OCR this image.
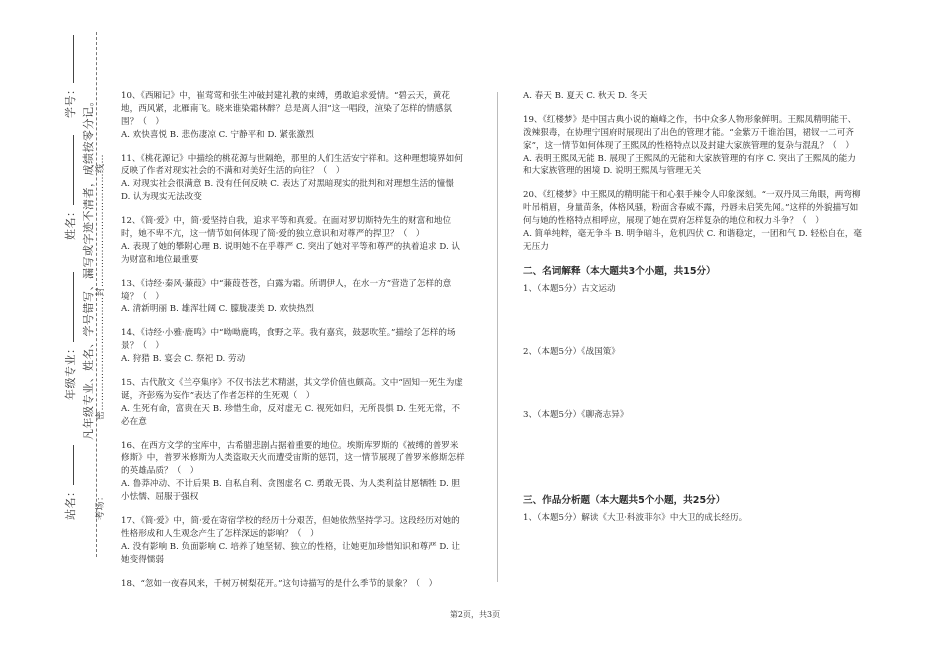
学号： 凡年级专业、姓名、学号错写、漏写或字迹不清者，成绩按零分记。 密………………………………封………………………………线…
姓名：
年级专业：
考场：
站名：

10、《西厢记》中，崔莺莺和张生冲破封建礼教的束缚，勇敢追求爱情。“碧云天，黄花地，西风紧，北雁南飞。晓来谁染霜林醉？总是离人泪”这一唱段，渲染了怎样的情感氛围？（　）

A. 欢快喜悦 B. 悲伤凄凉 C. 宁静平和 D. 紧张激烈

11、《桃花源记》中描绘的桃花源与世隔绝，那里的人们生活安宁祥和。这种理想境界如何反映了作者对现实社会的不满和对美好生活的向往？（　）

A. 对现实社会很满意 B. 没有任何反映 C. 表达了对黑暗现实的批判和对理想生活的憧憬 D. 认为现实无法改变

12、《简·爱》中，简·爱坚持自我，追求平等和真爱。在面对罗切斯特先生的财富和地位时，她不卑不亢，这一情节如何体现了简·爱的独立意识和对尊严的捍卫？（　）

A. 表现了她的攀附心理 B. 说明她不在乎尊严 C. 突出了她对平等和尊严的执着追求 D. 认为财富和地位最重要

13、《诗经·秦风·蒹葭》中“蒹葭苍苍，白露为霜。所谓伊人，在水一方”营造了怎样的意境？（　）

A. 清新明丽 B. 雄浑壮阔 C. 朦胧凄美 D. 欢快热烈

14、《诗经·小雅·鹿鸣》中“呦呦鹿鸣，食野之苹。我有嘉宾，鼓瑟吹笙。”描绘了怎样的场景？（　）

A. 狩猎 B. 宴会 C. 祭祀 D. 劳动

15、古代散文《兰亭集序》不仅书法艺术精湛，其文学价值也颇高。文中“固知一死生为虚诞，齐彭殇为妄作”表达了作者怎样的生死观（　）

A. 生死有命，富贵在天 B. 珍惜生命，反对虚无 C. 视死如归，无所畏惧 D. 生死无常，不必在意

16、在西方文学的宝库中，古希腊悲剧占据着重要的地位。埃斯库罗斯的《被缚的普罗米修斯》中，普罗米修斯为人类盗取天火而遭受宙斯的惩罚，这一情节展现了普罗米修斯怎样的英雄品质？（　）

A. 鲁莽冲动、不计后果 B. 自私自利、贪图虚名 C. 勇敢无畏、为人类利益甘愿牺牲 D. 胆小怯懦、屈服于强权

17、《简·爱》中，简·爱在寄宿学校的经历十分艰苦，但她依然坚持学习。这段经历对她的性格形成和人生观念产生了怎样深远的影响？（　）

A. 没有影响 B. 负面影响 C. 培养了她坚韧、独立的性格，让她更加珍惜知识和尊严 D. 让她变得懦弱

18、“忽如一夜春风来，千树万树梨花开。”这句诗描写的是什么季节的景象？（　）

A. 春天 B. 夏天 C. 秋天 D. 冬天

19、《红楼梦》是中国古典小说的巅峰之作，书中众多人物形象鲜明。王熙凤精明能干、泼辣狠毒，在协理宁国府时展现出了出色的管理才能。“金紫万千谁治国，裙钗一二可齐家”，这一情节如何体现了王熙凤的性格特点以及封建大家族管理的复杂与混乱？（　）

A. 表明王熙凤无能 B. 展现了王熙凤的无能和大家族管理的有序 C. 突出了王熙凤的能力和大家族管理的困境 D. 说明王熙凤与管理无关

20、《红楼梦》中王熙凤的精明能干和心狠手辣令人印象深刻。“一双丹凤三角眼，两弯柳叶吊梢眉，身量苗条，体格风骚，粉面含春威不露，丹唇未启笑先闻。”这样的外貌描写如何与她的性格特点相呼应，展现了她在贾府怎样复杂的地位和权力斗争？（　）

A. 简单纯粹，毫无争斗 B. 明争暗斗，危机四伏 C. 和谐稳定，一团和气 D. 轻松自在，毫无压力

二、名词解释（本大题共3个小题，共15分）

1、（本题5分）古文运动

2、（本题5分）《战国策》

3、（本题5分）《聊斋志异》

三、作品分析题（本大题共5个小题，共25分）

1、（本题5分）解读《大卫·科波菲尔》中大卫的成长经历。

第2页，共3页
